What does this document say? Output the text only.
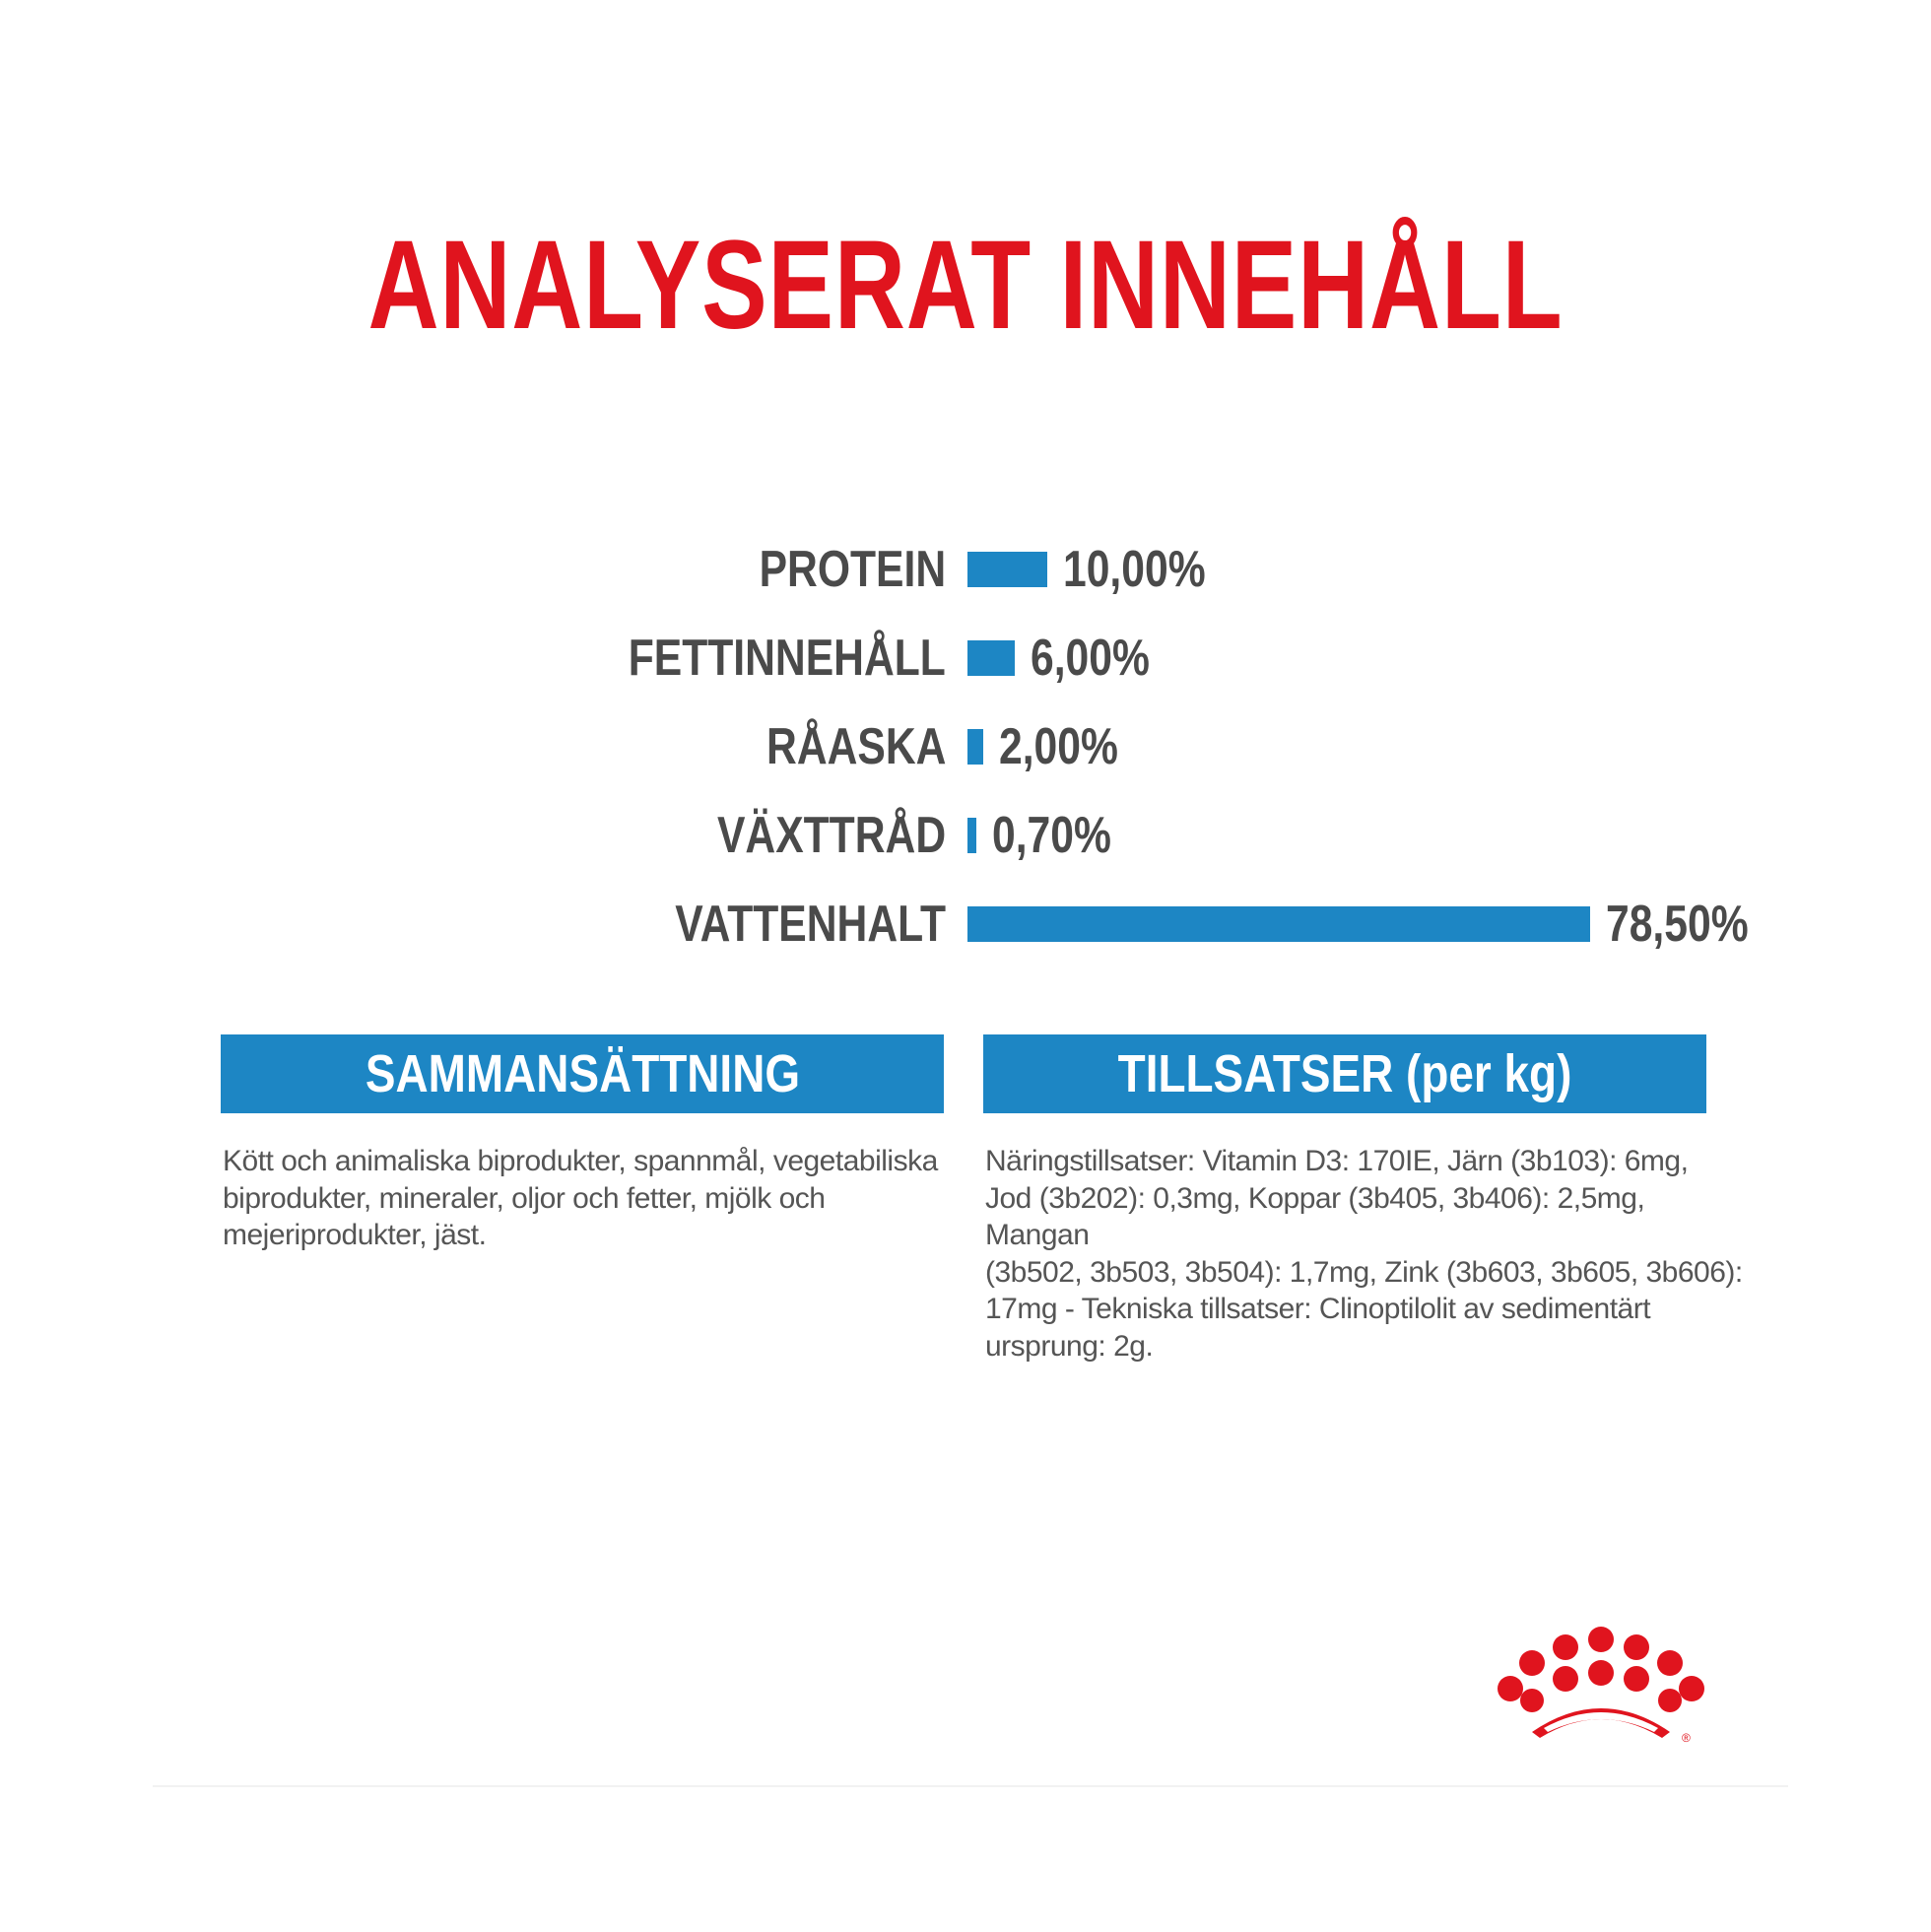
ANALYSERAT INNEHÅLL
PROTEIN 10,00%
FETTINNEHÅLL 6,00%
RÅASKA 2,00%
VÄXTTRÅD 0,70%
VATTENHALT	78,50%
SAMMANSÄTTNING
Kött och animaliska biprodukter, spannmål, vegetabiliska
biprodukter, mineraler, oljor och fetter, mjölk och
mejeriprodukter, jäst.
TILLSATSER (per kg)
Näringstillsatser: Vitamin D3: 170IE, Järn (3b103): 6mg,
Jod (3b202): 0,3mg, Koppar (3b405, 3b406): 2,5mg, Mangan
(3b502, 3b503, 3b504): 1,7mg, Zink (3b603, 3b605, 3b606):
17mg - Tekniska tillsatser: Clinoptilolit av sedimentärt
ursprung: 2g.
®
